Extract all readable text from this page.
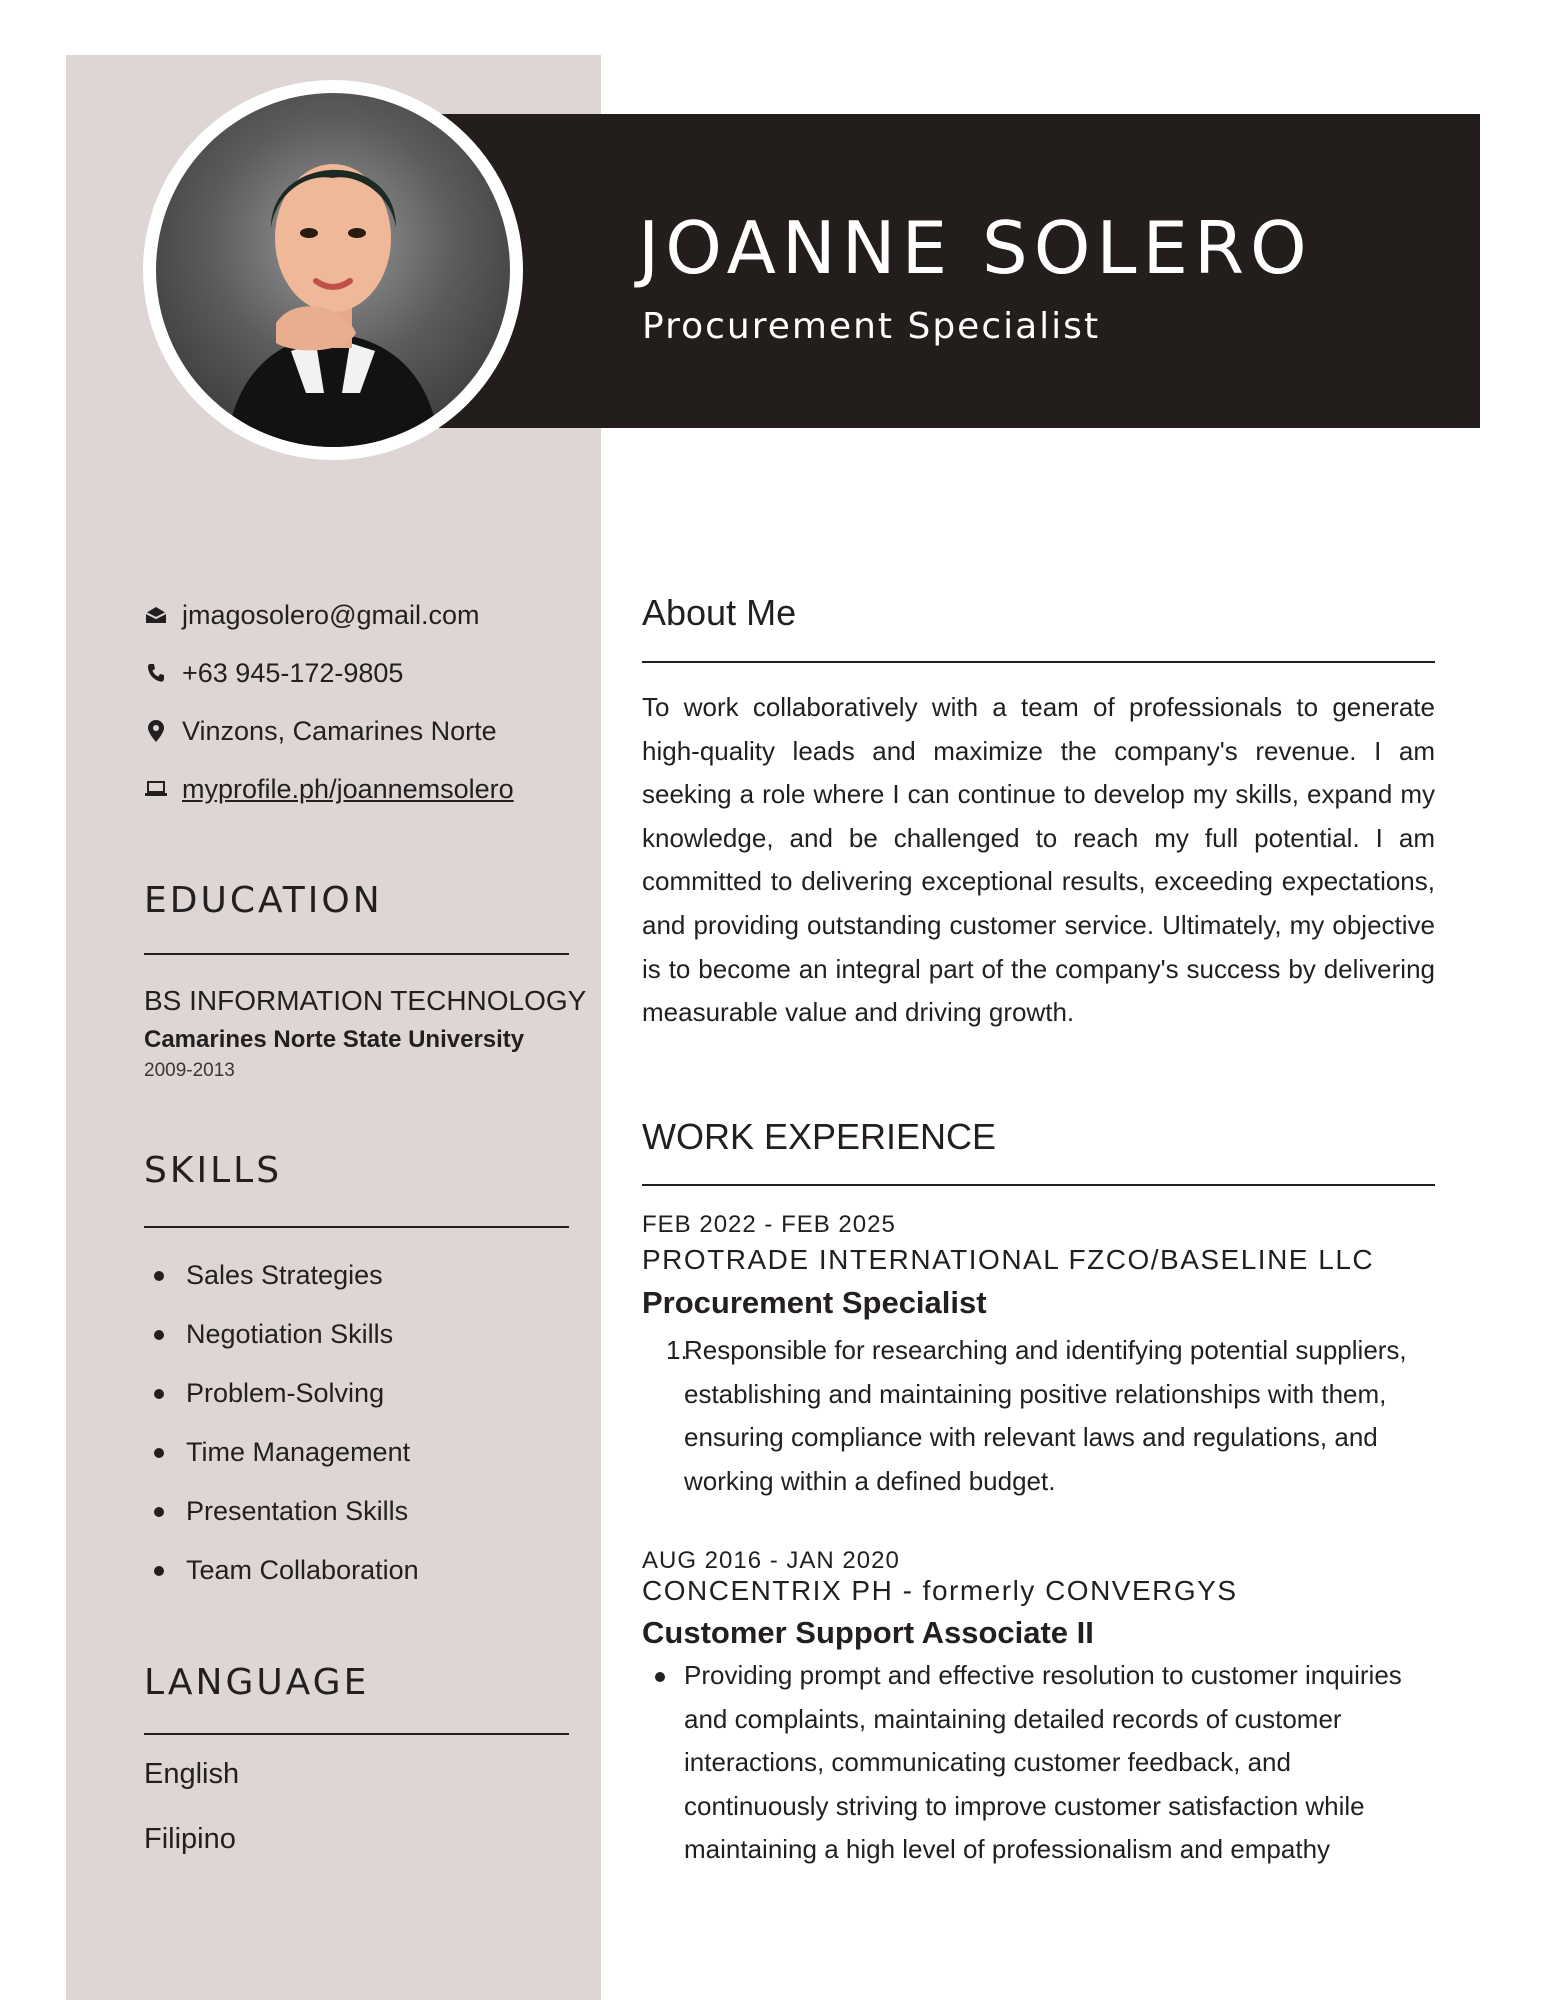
JOANNE SOLERO
Procurement Specialist
jmagosolero@gmail.com
+63 945-172-9805
Vinzons, Camarines Norte
myprofile.ph/joannemsolero
EDUCATION
BS INFORMATION TECHNOLOGY
Camarines Norte State University
2009-2013
SKILLS
Sales Strategies
Negotiation Skills
Problem-Solving
Time Management
Presentation Skills
Team Collaboration
LANGUAGE
English
Filipino
About Me

To work collaboratively with a team of professionals to generate high-quality leads and maximize the company's revenue. I am seeking a role where I can continue to develop my skills, expand my knowledge, and be challenged to reach my full potential. I am committed to delivering exceptional results, exceeding expectations, and providing outstanding customer service. Ultimately, my objective is to become an integral part of the company's success by delivering measurable value and driving growth.

WORK EXPERIENCE
FEB 2022 - FEB 2025
PROTRADE INTERNATIONAL FZCO/BASELINE LLC
Procurement Specialist
1.

Responsible for researching and identifying potential suppliers, establishing and maintaining positive relationships with them, ensuring compliance with relevant laws and regulations, and working within a defined budget.

AUG 2016 - JAN 2020
CONCENTRIX PH - formerly CONVERGYS
Customer Support Associate II

Providing prompt and effective resolution to customer inquiries and complaints, maintaining detailed records of customer interactions, communicating customer feedback, and continuously striving to improve customer satisfaction while maintaining a high level of professionalism and empathy
